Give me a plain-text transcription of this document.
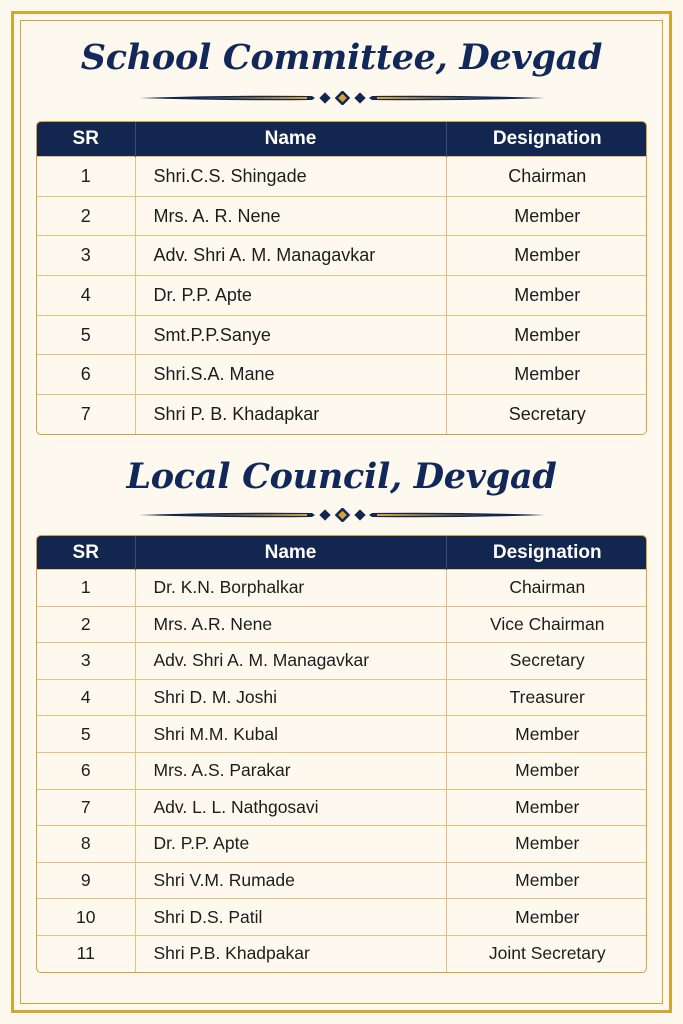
School Committee, Devgad
SR	Name	Designation
1	Shri.C.S. Shingade	Chairman
2	Mrs. A. R. Nene	Member
3	Adv. Shri A. M. Managavkar	Member
4	Dr. P.P. Apte	Member
5	Smt.P.P.Sanye	Member
6	Shri.S.A. Mane	Member
7	Shri P. B. Khadapkar	Secretary
Local Council, Devgad
SR	Name	Designation
1	Dr. K.N. Borphalkar	Chairman
2	Mrs. A.R. Nene	Vice Chairman
3	Adv. Shri A. M. Managavkar	Secretary
4	Shri D. M. Joshi	Treasurer
5	Shri M.M. Kubal	Member
6	Mrs. A.S. Parakar	Member
7	Adv. L. L. Nathgosavi	Member
8	Dr. P.P. Apte	Member
9	Shri V.M. Rumade	Member
10	Shri D.S. Patil	Member
11	Shri P.B. Khadpakar	Joint Secretary
